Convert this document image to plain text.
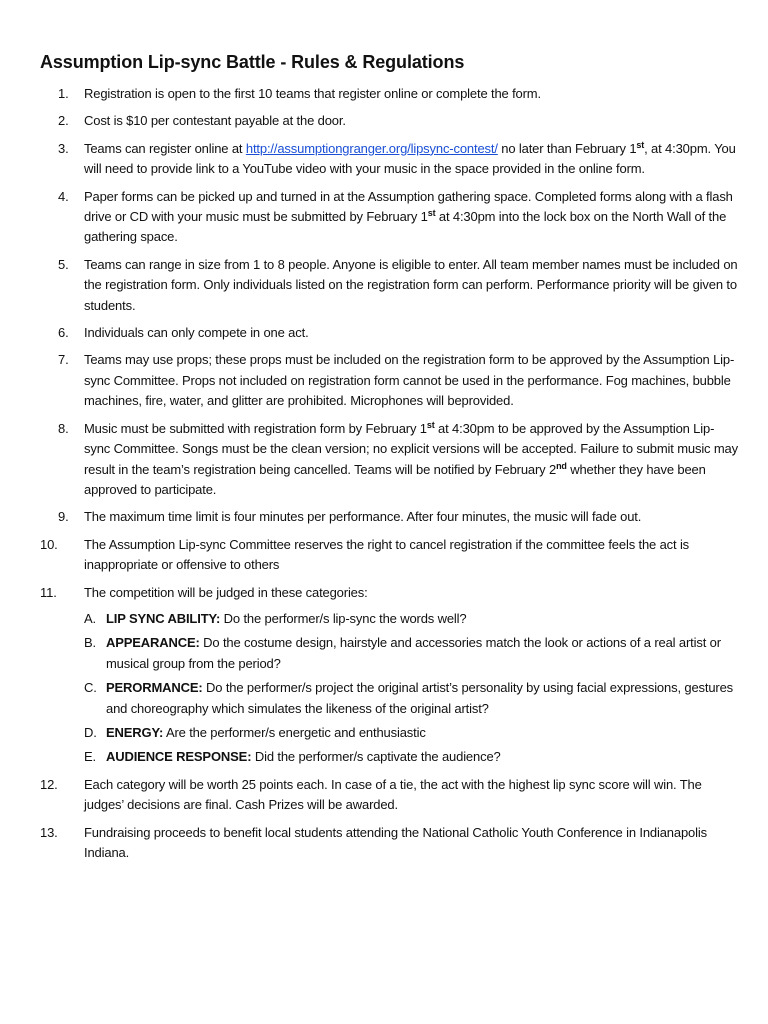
Assumption Lip-sync Battle - Rules & Regulations
1. Registration is open to the first 10 teams that register online or complete the form.
2. Cost is $10 per contestant payable at the door.
3. Teams can register online at http://assumptiongranger.org/lipsync-contest/ no later than February 1st, at 4:30pm. You will need to provide link to a YouTube video with your music in the space provided in the online form.
4. Paper forms can be picked up and turned in at the Assumption gathering space. Completed forms along with a flash drive or CD with your music must be submitted by February 1st at 4:30pm into the lock box on the North Wall of the gathering space.
5. Teams can range in size from 1 to 8 people. Anyone is eligible to enter. All team member names must be included on the registration form. Only individuals listed on the registration form can perform. Performance priority will be given to students.
6. Individuals can only compete in one act.
7. Teams may use props; these props must be included on the registration form to be approved by the Assumption Lip-sync Committee. Props not included on registration form cannot be used in the performance. Fog machines, bubble machines, fire, water, and glitter are prohibited. Microphones will beprovided.
8. Music must be submitted with registration form by February 1st at 4:30pm to be approved by the Assumption Lip-sync Committee. Songs must be the clean version; no explicit versions will be accepted. Failure to submit music may result in the team’s registration being cancelled. Teams will be notified by February 2nd whether they have been approved to participate.
9. The maximum time limit is four minutes per performance. After four minutes, the music will fade out.
10. The Assumption Lip-sync Committee reserves the right to cancel registration if the committee feels the act is inappropriate or offensive to others
11. The competition will be judged in these categories:
A. LIP SYNC ABILITY: Do the performer/s lip-sync the words well?
B. APPEARANCE: Do the costume design, hairstyle and accessories match the look or actions of a real artist or musical group from the period?
C. PERORMANCE: Do the performer/s project the original artist’s personality by using facial expressions, gestures and choreography which simulates the likeness of the original artist?
D. ENERGY: Are the performer/s energetic and enthusiastic
E. AUDIENCE RESPONSE: Did the performer/s captivate the audience?
12. Each category will be worth 25 points each. In case of a tie, the act with the highest lip sync score will win. The judges’ decisions are final. Cash Prizes will be awarded.
13. Fundraising proceeds to benefit local students attending the National Catholic Youth Conference in Indianapolis Indiana.
